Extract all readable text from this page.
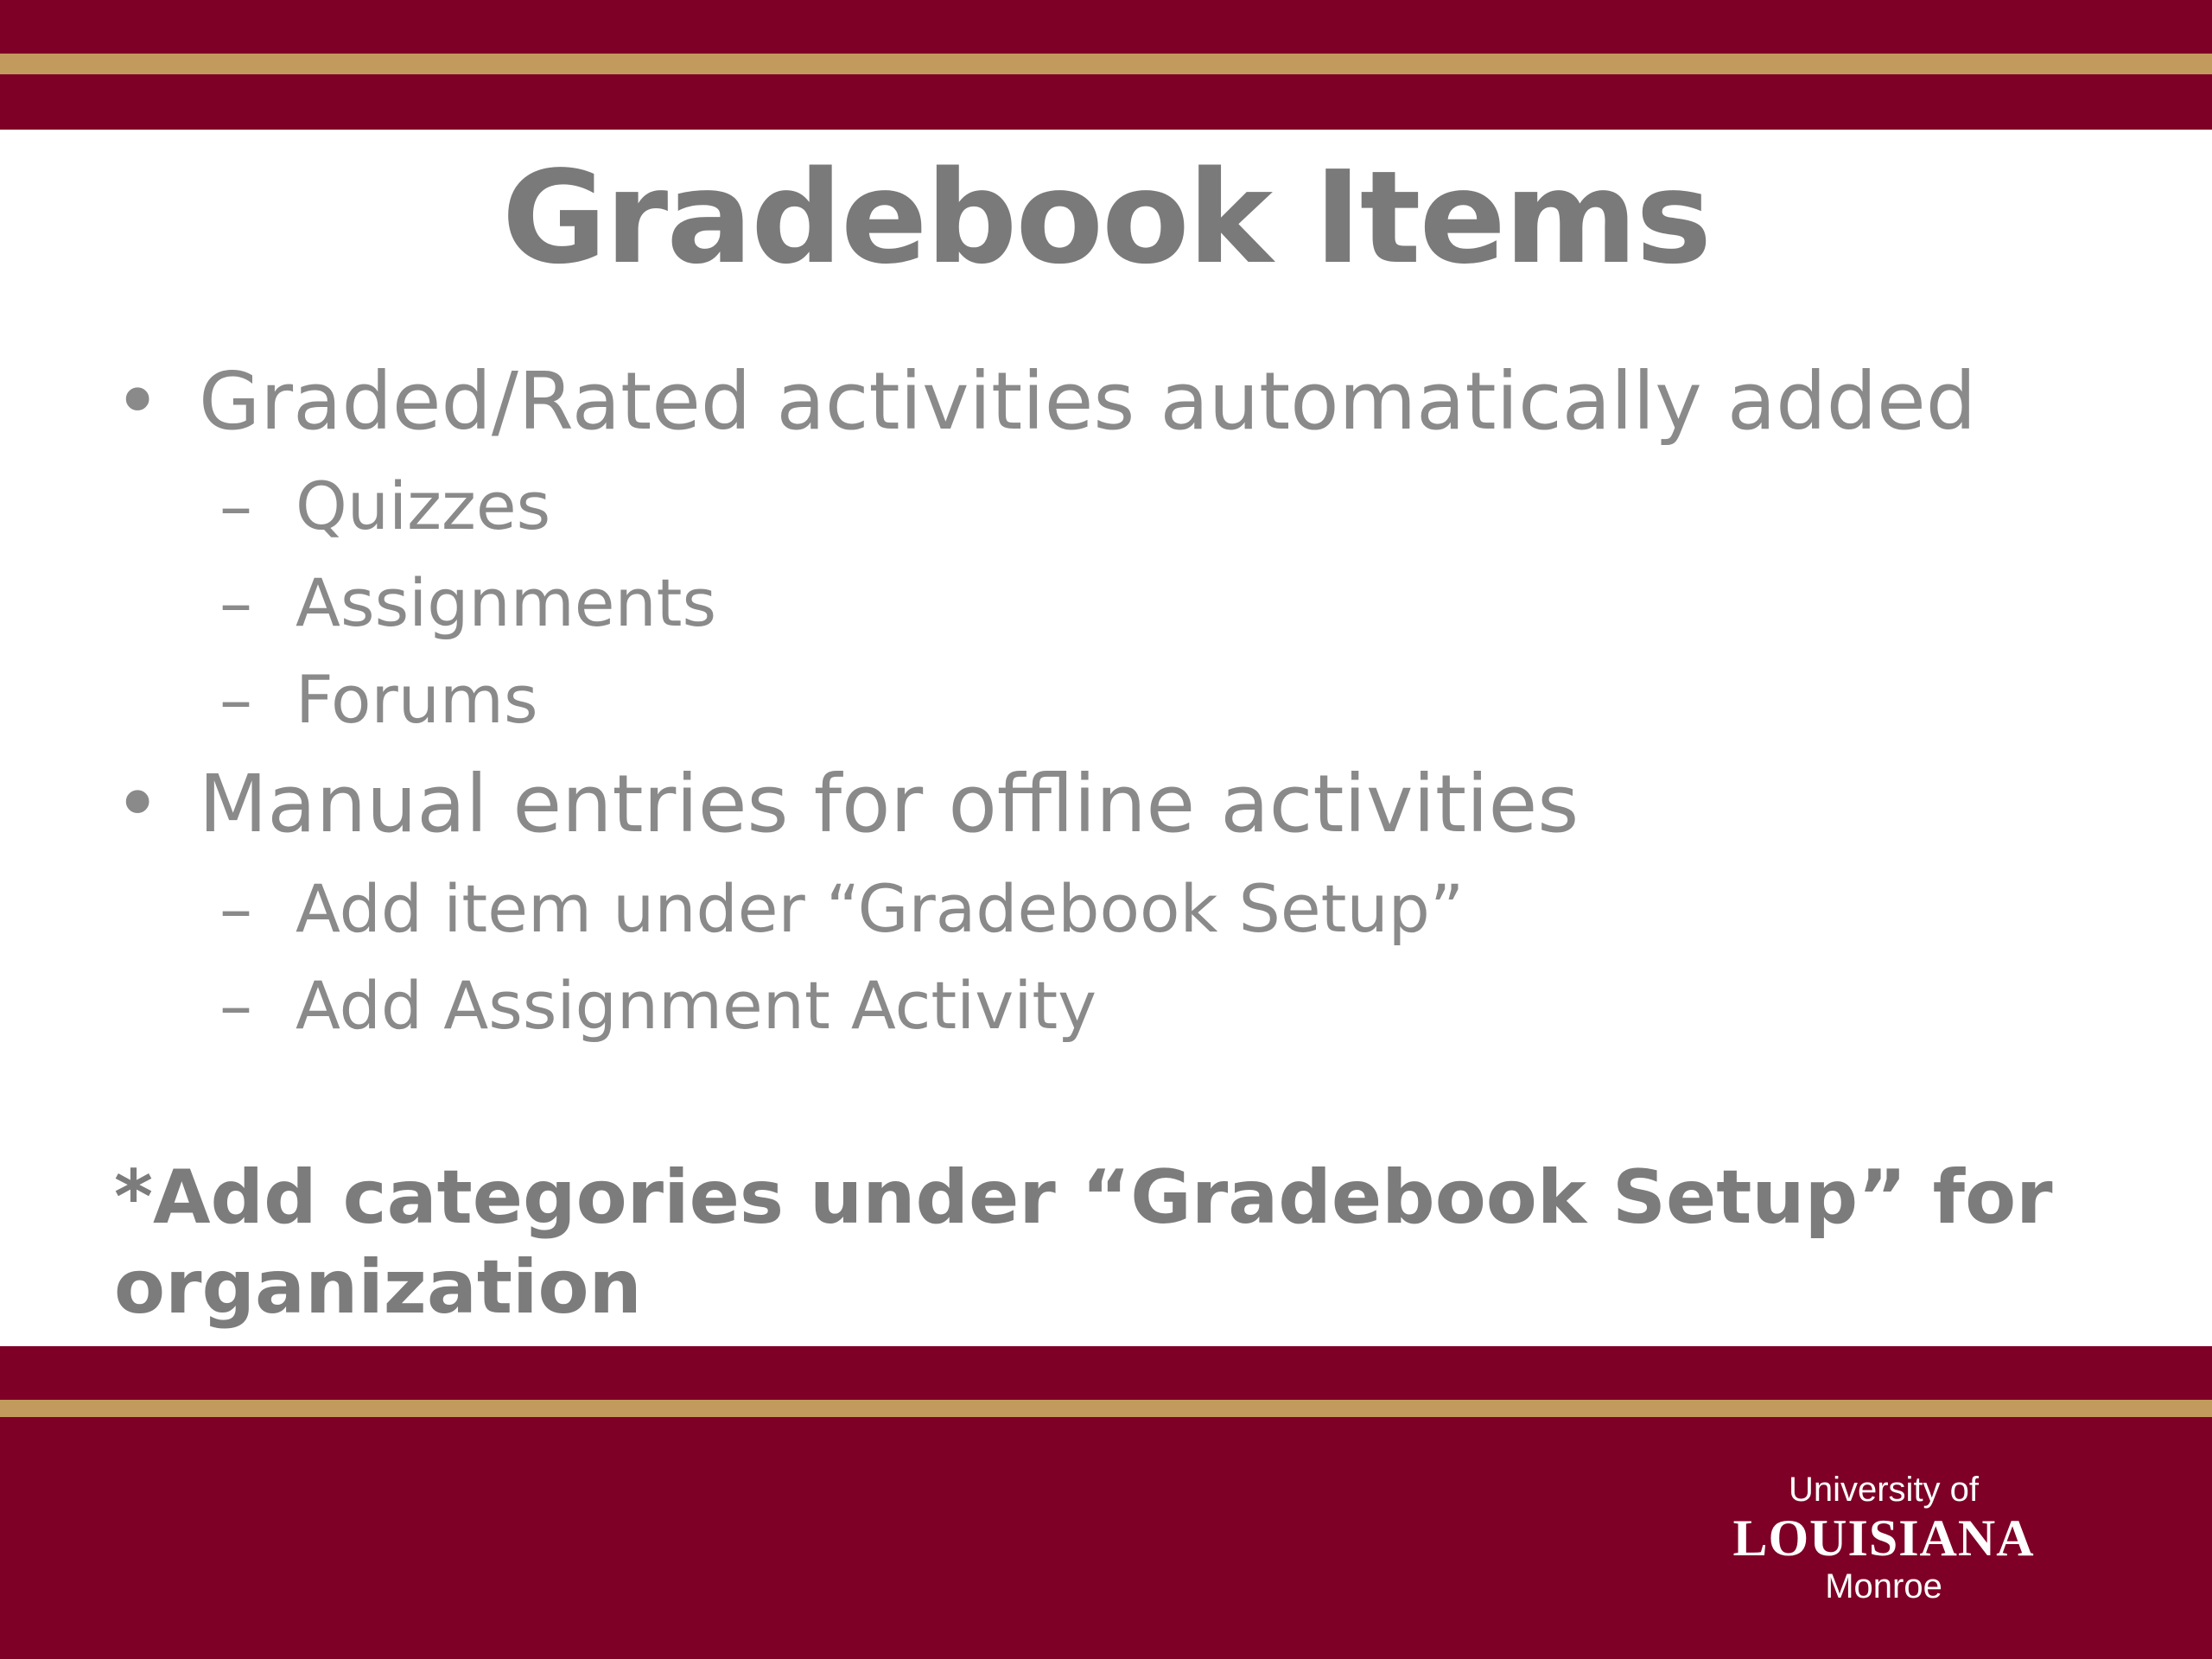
Gradebook Items
• Graded/Rated activities automatically added
– Quizzes
– Assignments
– Forums
• Manual entries for offline activities
– Add item under “Gradebook Setup”
– Add Assignment Activity
*Add categories under “Gradebook Setup” for organization
University of
LOUISIANA
Monroe
